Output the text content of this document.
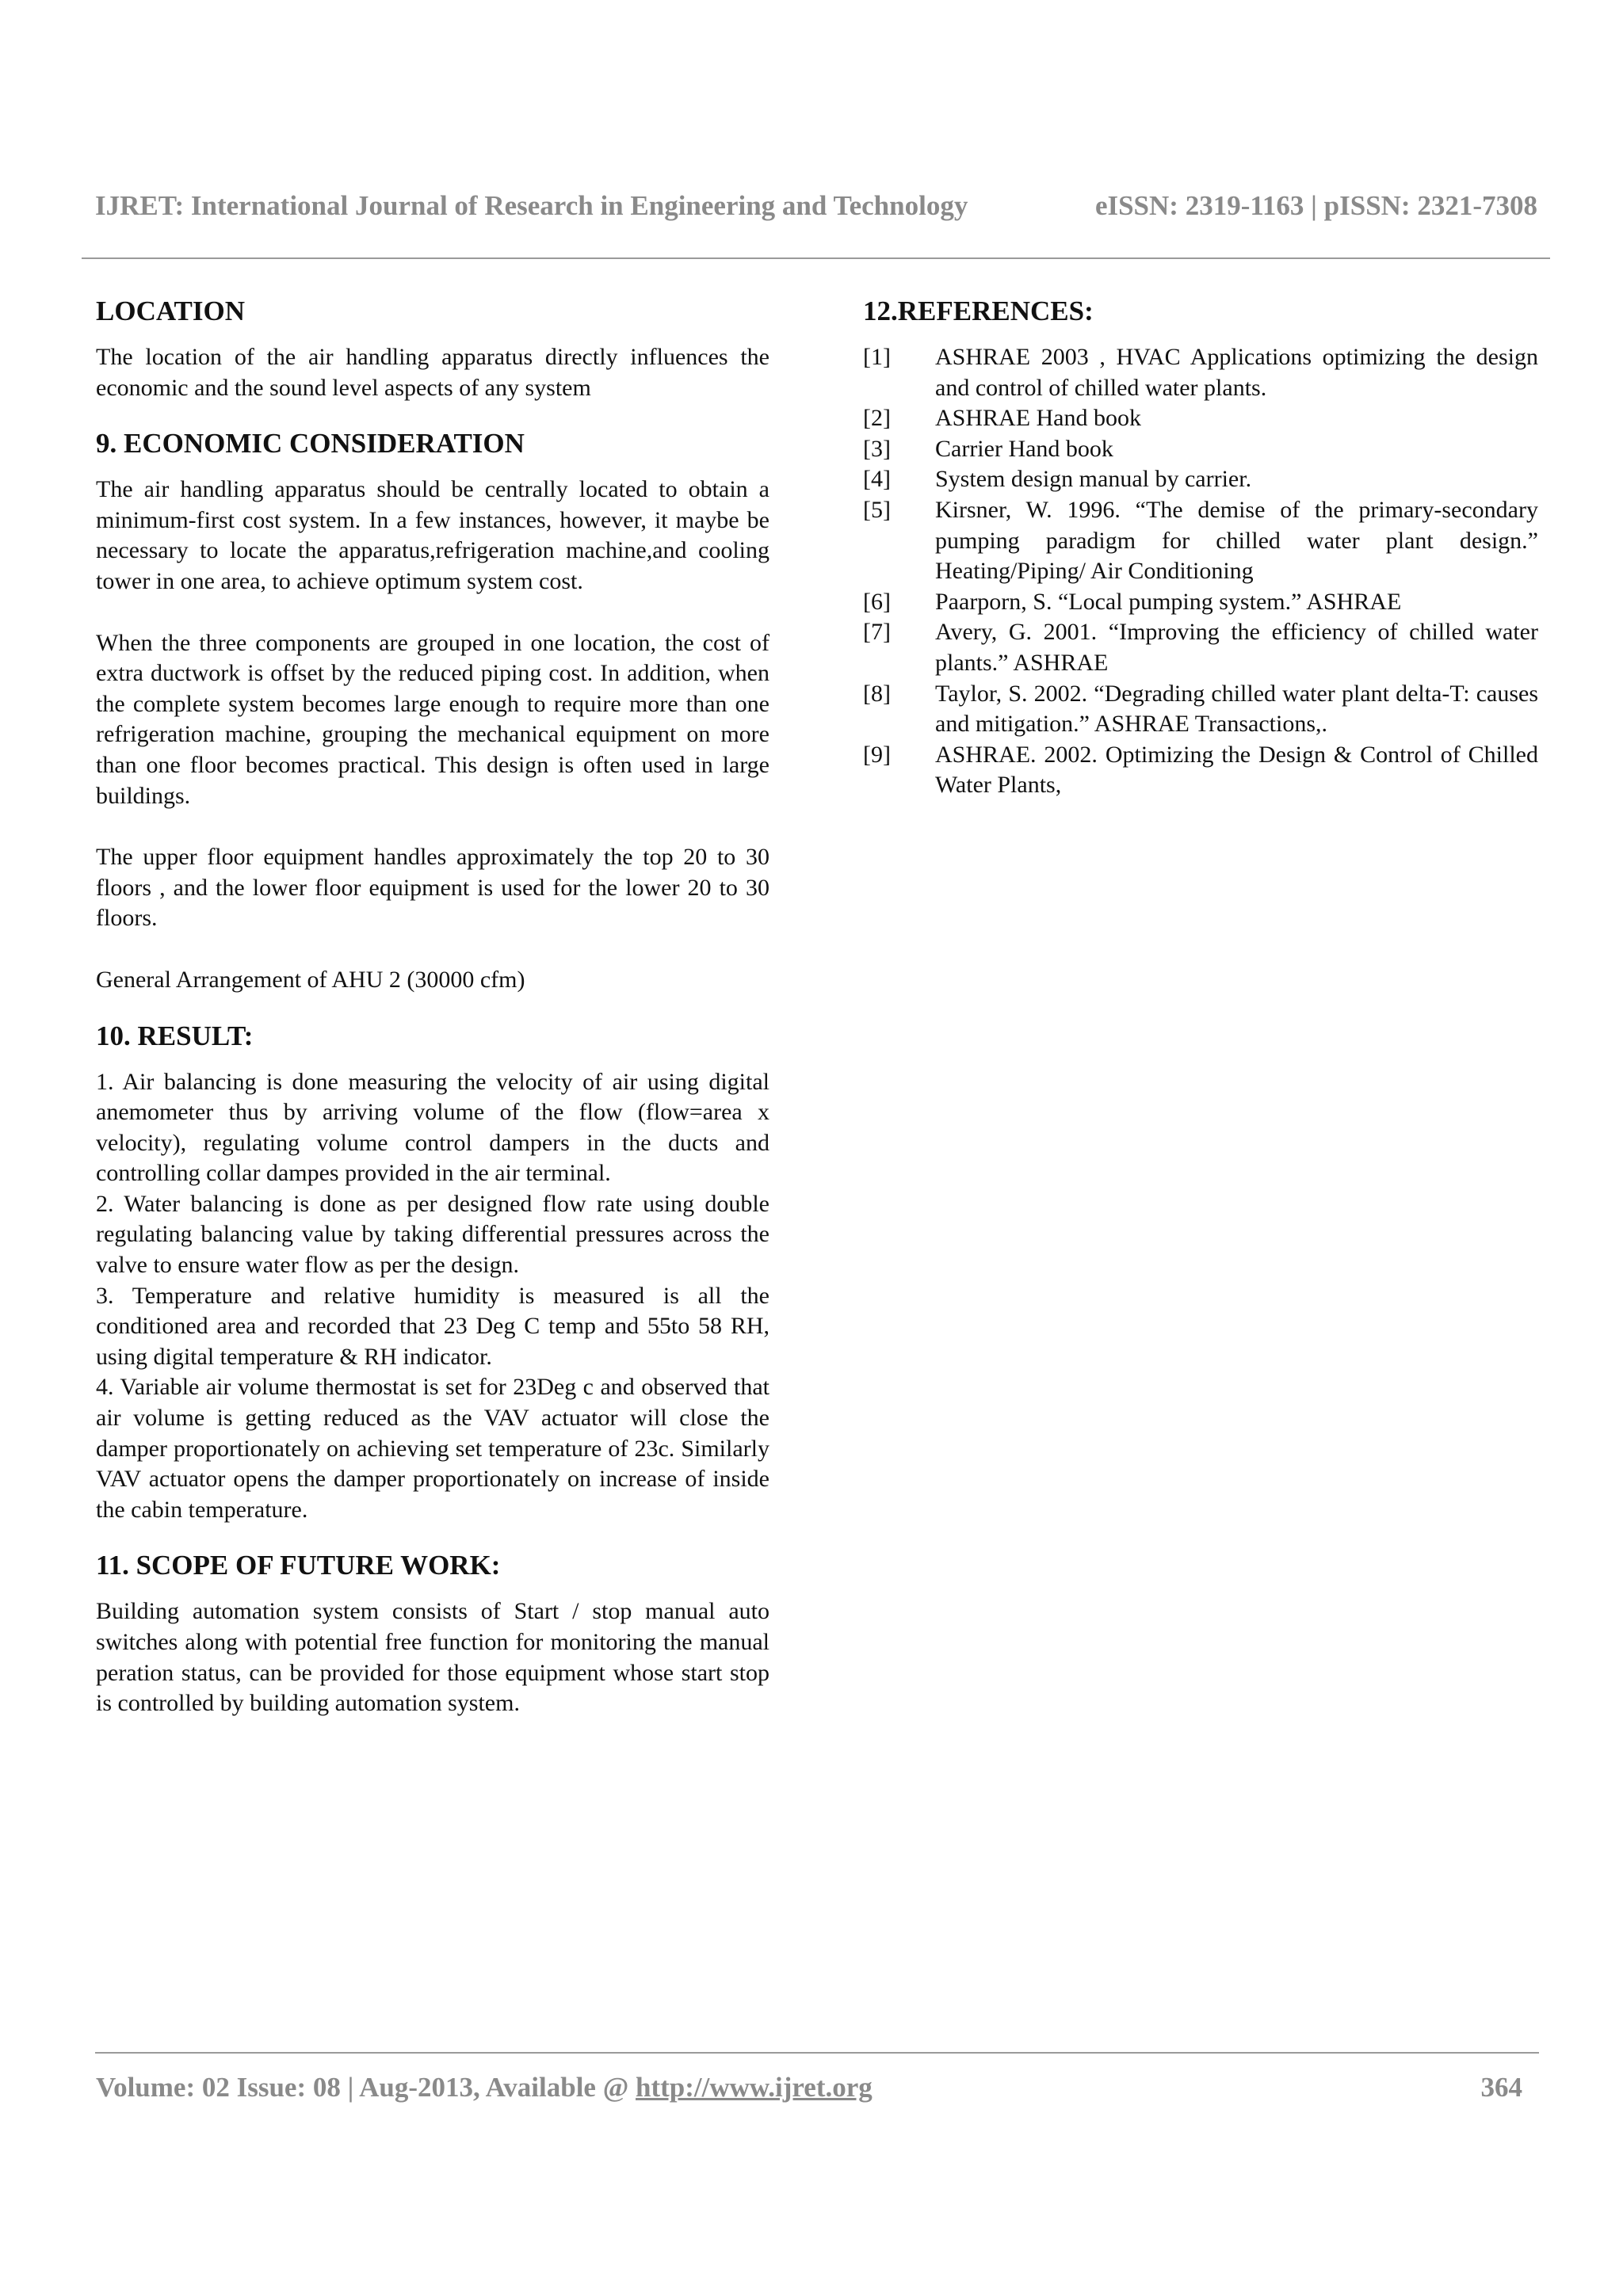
IJRET: International Journal of Research in Engineering and Technology	eISSN: 2319-1163 | pISSN: 2321-7308
LOCATION

The location of the air handling apparatus directly influences the economic and the sound level aspects of any system

9. ECONOMIC CONSIDERATION

The air handling apparatus should be centrally located to obtain a minimum-first cost system. In a few instances, however, it maybe be necessary to locate the apparatus,refrigeration machine,and cooling tower in one area, to achieve optimum system cost.

When the three components are grouped in one location, the cost of extra ductwork is offset by the reduced piping cost. In addition, when the complete system becomes large enough to require more than one refrigeration machine, grouping the mechanical equipment on more than one floor becomes practical. This design is often used in large buildings.

The upper floor equipment handles approximately the top 20 to 30 floors , and the lower floor equipment is used for the lower 20 to 30 floors.

General Arrangement of AHU 2 (30000 cfm)

10. RESULT:

1. Air balancing is done measuring the velocity of air using digital anemometer thus by arriving volume of the flow (flow=area x velocity), regulating volume control dampers in the ducts and controlling collar dampes provided in the air terminal.

2. Water balancing is done as per designed flow rate using double regulating balancing value by taking differential pressures across the valve to ensure water flow as per the design.

3. Temperature and relative humidity is measured is all the conditioned area and recorded that 23 Deg C temp and 55to 58 RH, using digital temperature & RH indicator.

4. Variable air volume thermostat is set for 23Deg c and observed that air volume is getting reduced as the VAV actuator will close the damper proportionately on achieving set temperature of 23c. Similarly VAV actuator opens the damper proportionately on increase of inside the cabin temperature.

11. SCOPE OF FUTURE WORK:

Building automation system consists of Start / stop manual auto switches along with potential free function for monitoring the manual peration status, can be provided for those equipment whose start stop is controlled by building automation system.

12.REFERENCES:
[1]	ASHRAE 2003 , HVAC Applications optimizing the design and control of chilled water plants.
[2]	ASHRAE Hand book
[3]	Carrier Hand book
[4]	System design manual by carrier.
[5]	Kirsner, W. 1996. “The demise of the primary-secondary pumping paradigm for chilled water plant design.” Heating/Piping/ Air Conditioning
[6]	Paarporn, S. “Local pumping system.” ASHRAE
[7]	Avery, G. 2001. “Improving the efficiency of chilled water plants.” ASHRAE
[8]	Taylor, S. 2002. “Degrading chilled water plant delta-T: causes and mitigation.” ASHRAE Transactions,.
[9]	ASHRAE. 2002. Optimizing the Design & Control of Chilled Water Plants,
Volume: 02 Issue: 08 | Aug-2013, Available @ http://www.ijret.org	364
